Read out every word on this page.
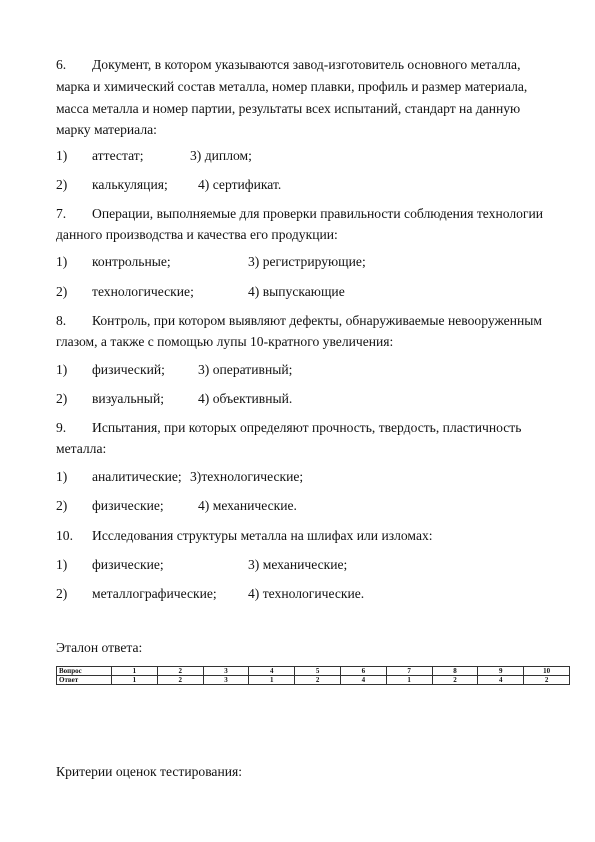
6. Документ, в котором указываются завод-изготовитель основного металла,
марка и химический состав металла, номер плавки, профиль и размер материала,
масса металла и номер партии, результаты всех испытаний, стандарт на данную
марку материала:
1) аттестат;	3) диплом;
2) калькуляция; 4) сертификат.
7. Операции, выполняемые для проверки правильности соблюдения технологии
данного производства и качества его продукции:
1) контрольные;	3) регистрирующие;
2) технологические;	4) выпускающие
8. Контроль, при котором выявляют дефекты, обнаруживаемые невооруженным
глазом, а также с помощью лупы 10-кратного увеличения:
1) физический; 3) оперативный;
2) визуальный;	4) объективный.
9. Испытания, при которых определяют прочность, твердость, пластичность
металла:
1) аналитические; 3)технологические;
2) физические;	4) механические.
10. Исследования структуры металла на шлифах или изломах:
1) физические;	3) механические;
2) металлографические; 4) технологические.
Эталон ответа:
Вопрос	1	2	3	4	5	6	7	8	9	10
Ответ	1	2	3	1	2	4	1	2	4	2
Критерии оценок тестирования:
